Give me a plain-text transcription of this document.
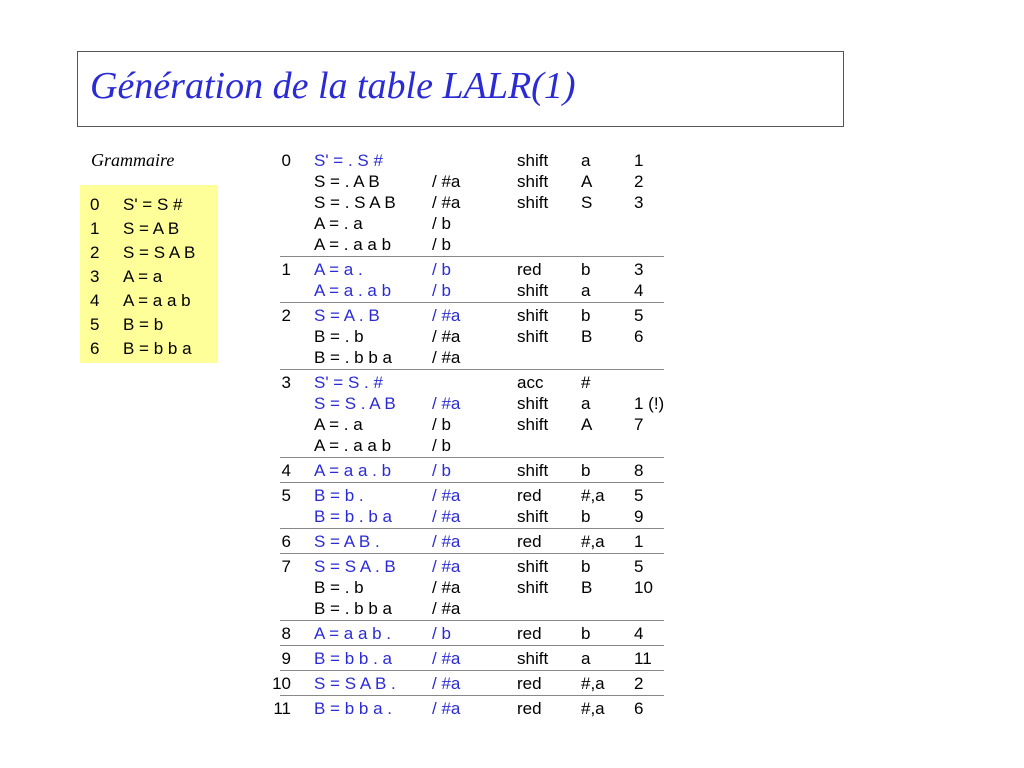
Génération de la table LALR(1)
Grammaire
0 S' = S #
1 S = A B
2 S = S A B
3 A = a
4 A = a a b
5 B = b
6 B = b b a
0 S' = . S #	shift a	1
S = . A B	/ #a	shift A 2
S = . S A B / #a	shift S 3
A = . a	/ b
A = . a a b / b
1 A = a .	/ b	red b	3
A = a . a b / b	shift a	4
2 S = A . B	/ #a	shift b	5
B = . b	/ #a	shift B 6
B = . b b a / #a
3 S' = S . #	acc #
S = S . A B / #a	shift a	1 (!)
A = . a	/ b	shift A 7
A = . a a b / b
4 A = a a . b / b	shift b	8
5 B = b .	/ #a	red #,a 5
B = b . b a / #a	shift b	9
6 S = A B .	/ #a	red #,a 1
7 S = S A . B / #a	shift b	5
B = . b	/ #a	shift B 10
B = . b b a / #a
8 A = a a b . / b	red b	4
9 B = b b . a / #a	shift a	11
10 S = S A B . / #a	red #,a 2
11 B = b b a . / #a	red #,a 6
